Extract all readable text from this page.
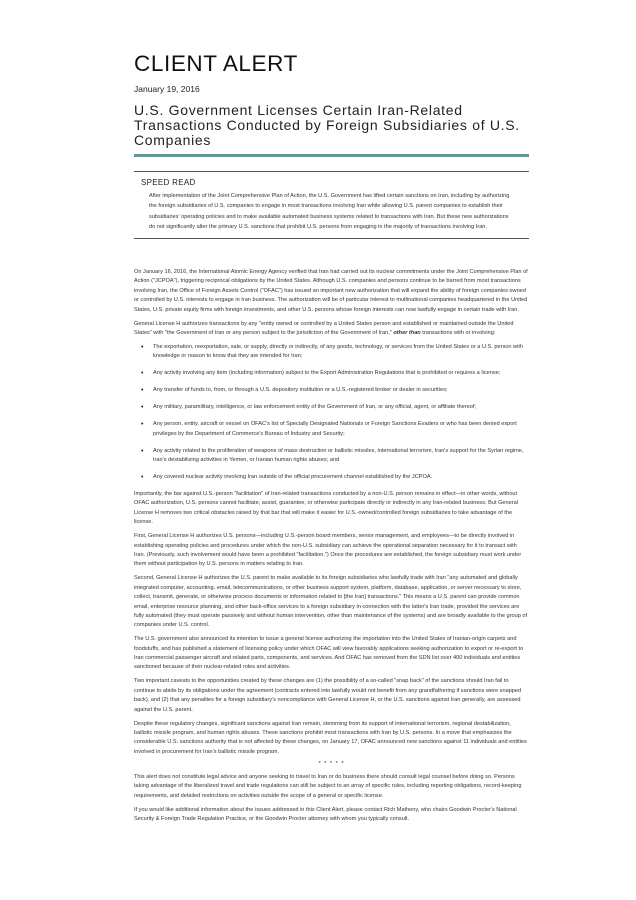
CLIENT ALERT
January 19, 2016
U.S. Government Licenses Certain Iran-Related Transactions Conducted by Foreign Subsidiaries of U.S. Companies
SPEED READ
After implementation of the Joint Comprehensive Plan of Action, the U.S. Government has lifted certain sanctions on Iran, including by authorizing the foreign subsidiaries of U.S. companies to engage in most transactions involving Iran while allowing U.S. parent companies to establish their subsidiaries' operating policies and to make available automated business systems related to transactions with Iran. But these new authorizations do not significantly alter the primary U.S. sanctions that prohibit U.S. persons from engaging in the majority of transactions involving Iran.

On January 16, 2016, the International Atomic Energy Agency verified that Iran had carried out its nuclear commitments under the Joint Comprehensive Plan of Action ("JCPOA"), triggering reciprocal obligations by the United States. Although U.S. companies and persons continue to be barred from most transactions involving Iran, the Office of Foreign Assets Control ("OFAC") has issued an important new authorization that will expand the ability of foreign companies owned or controlled by U.S. interests to engage in Iran business. The authorization will be of particular interest to multinational companies headquartered in the United States, U.S. private equity firms with foreign investments, and other U.S. persons whose foreign interests can now lawfully engage in certain trade with Iran.

General License H authorizes transactions by any "entity owned or controlled by a United States person and established or maintained outside the United States" with "the Government of Iran or any person subject to the jurisdiction of the Government of Iran," other than transactions with or involving:

• The exportation, reexportation, sale, or supply, directly or indirectly, of any goods, technology, or services from the United States or a U.S. person with knowledge or reason to know that they are intended for Iran;
• Any activity involving any item (including information) subject to the Export Administration Regulations that is prohibited or requires a license;
• Any transfer of funds to, from, or through a U.S. depository institution or a U.S.-registered broker or dealer in securities;
• Any military, paramilitary, intelligence, or law enforcement entity of the Government of Iran, or any official, agent, or affiliate thereof;
• Any person, entity, aircraft or vessel on OFAC's list of Specially Designated Nationals or Foreign Sanctions Evaders or who has been denied export privileges by the Department of Commerce's Bureau of Industry and Security;
• Any activity related to the proliferation of weapons of mass destruction or ballistic missiles, international terrorism, Iran's support for the Syrian regime, Iran's destabilizing activities in Yemen, or Iranian human rights abuses; and
• Any covered nuclear activity involving Iran outside of the official procurement channel established by the JCPOA.

Importantly, the bar against U.S.-person "facilitation" of Iran-related transactions conducted by a non-U.S. person remains in effect—in other words, without OFAC authorization, U.S. persons cannot facilitate, assist, guarantee, or otherwise participate directly or indirectly in any Iran-related business. But General License H removes two critical obstacles raised by that bar that will make it easier for U.S.-owned/controlled foreign subsidiaries to take advantage of the license.

First, General License H authorizes U.S. persons—including U.S.-person board members, senior management, and employees—to be directly involved in establishing operating policies and procedures under which the non-U.S. subsidiary can achieve the operational separation necessary for it to transact with Iran. (Previously, such involvement would have been a prohibited "facilitation.") Once the procedures are established, the foreign subsidiary must work under them without participation by U.S. persons in matters relating to Iran.

Second, General License H authorizes the U.S. parent to make available to its foreign subsidiaries who lawfully trade with Iran "any automated and globally integrated computer, accounting, email, telecommunications, or other business support system, platform, database, application, or server necessary to store, collect, transmit, generate, or otherwise process documents or information related to [the Iran] transactions." This means a U.S. parent can provide common email, enterprise resource planning, and other back-office services to a foreign subsidiary in connection with the latter's Iran trade, provided the services are fully automated (they must operate passively and without human intervention, other than maintenance of the systems) and are broadly available to the group of companies under U.S. control.

The U.S. government also announced its intention to issue a general license authorizing the importation into the United States of Iranian-origin carpets and foodstuffs, and has published a statement of licensing policy under which OFAC will view favorably applications seeking authorization to export or re-export to Iran commercial passenger aircraft and related parts, components, and services. And OFAC has removed from the SDN list over 400 individuals and entities sanctioned because of their nuclear-related roles and activities.

Two important caveats to the opportunities created by these changes are (1) the possibility of a so-called "snap back" of the sanctions should Iran fail to continue to abide by its obligations under the agreement (contracts entered into lawfully would not benefit from any grandfathering if sanctions were snapped back), and (2) that any penalties for a foreign subsidiary's noncompliance with General License H, or the U.S. sanctions against Iran generally, are assessed against the U.S. parent.

Despite these regulatory changes, significant sanctions against Iran remain, stemming from its support of international terrorism, regional destabilization, ballistic missile program, and human rights abuses. These sanctions prohibit most transactions with Iran by U.S. persons. In a move that emphasizes the considerable U.S. sanctions authority that is not affected by these changes, on January 17, OFAC announced new sanctions against 11 individuals and entities involved in procurement for Iran's ballistic missile program.

* * * * *

This alert does not constitute legal advice and anyone seeking to travel to Iran or do business there should consult legal counsel before doing so. Persons taking advantage of the liberalized travel and trade regulations can still be subject to an array of specific rules, including reporting obligations, record-keeping requirements, and detailed restrictions on activities outside the scope of a general or specific license.

If you would like additional information about the issues addressed in this Client Alert, please contact Rich Matheny, who chairs Goodwin Procter's National Security & Foreign Trade Regulation Practice, or the Goodwin Procter attorney with whom you typically consult.
